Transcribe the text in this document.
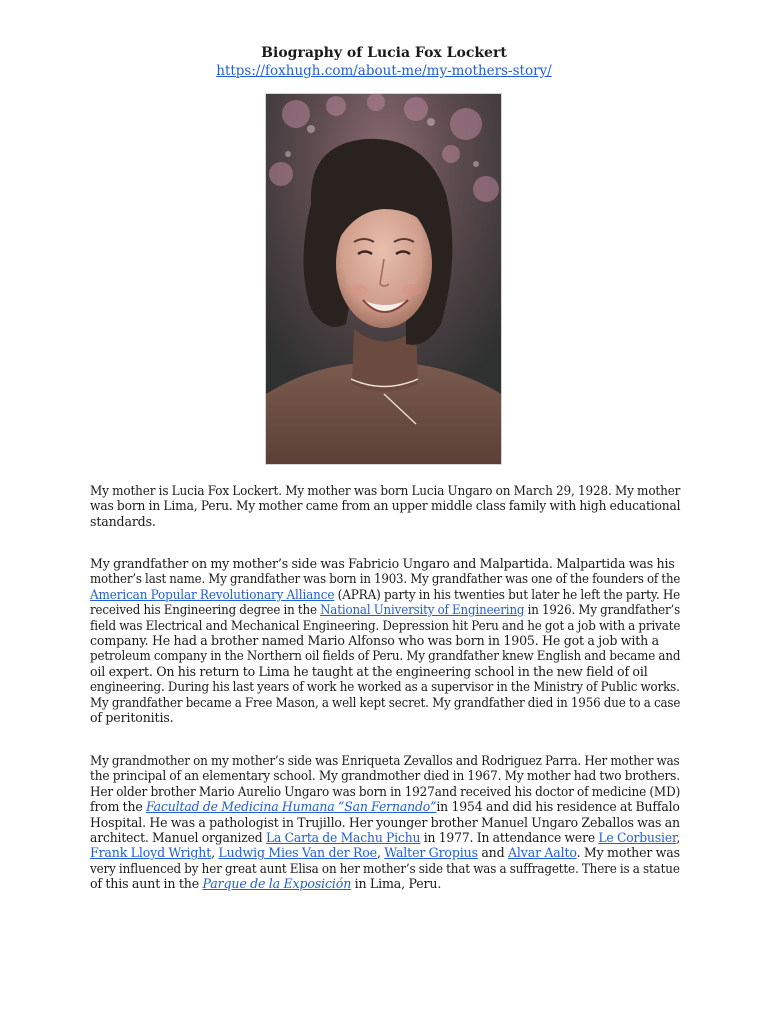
Biography of Lucia Fox Lockert
https://foxhugh.com/about-me/my-mothers-story/
My mother is Lucia Fox Lockert. My mother was born Lucia Ungaro on March 29, 1928. My mother
was born in Lima, Peru. My mother came from an upper middle class family with high educational
standards.
My grandfather on my mother’s side was Fabricio Ungaro and Malpartida. Malpartida was his
mother’s last name. My grandfather was born in 1903. My grandfather was one of the founders of the
American Popular Revolutionary Alliance (APRA) party in his twenties but later he left the party. He
received his Engineering degree in the National University of Engineering in 1926. My grandfather’s
field was Electrical and Mechanical Engineering. Depression hit Peru and he got a job with a private
company. He had a brother named Mario Alfonso who was born in 1905. He got a job with a
petroleum company in the Northern oil fields of Peru. My grandfather knew English and became and
oil expert. On his return to Lima he taught at the engineering school in the new field of oil
engineering. During his last years of work he worked as a supervisor in the Ministry of Public works.
My grandfather became a Free Mason, a well kept secret. My grandfather died in 1956 due to a case
of peritonitis.
My grandmother on my mother’s side was Enriqueta Zevallos and Rodriguez Parra. Her mother was
the principal of an elementary school. My grandmother died in 1967. My mother had two brothers.
Her older brother Mario Aurelio Ungaro was born in 1927and received his doctor of medicine (MD)
from the Facultad de Medicina Humana “San Fernando”in 1954 and did his residence at Buffalo
Hospital. He was a pathologist in Trujillo. Her younger brother Manuel Ungaro Zeballos was an
architect. Manuel organized La Carta de Machu Pichu in 1977. In attendance were Le Corbusier,
Frank Lloyd Wright, Ludwig Mies Van der Roe, Walter Gropius and Alvar Aalto. My mother was
very influenced by her great aunt Elisa on her mother’s side that was a suffragette. There is a statue
of this aunt in the Parque de la Exposición in Lima, Peru.
